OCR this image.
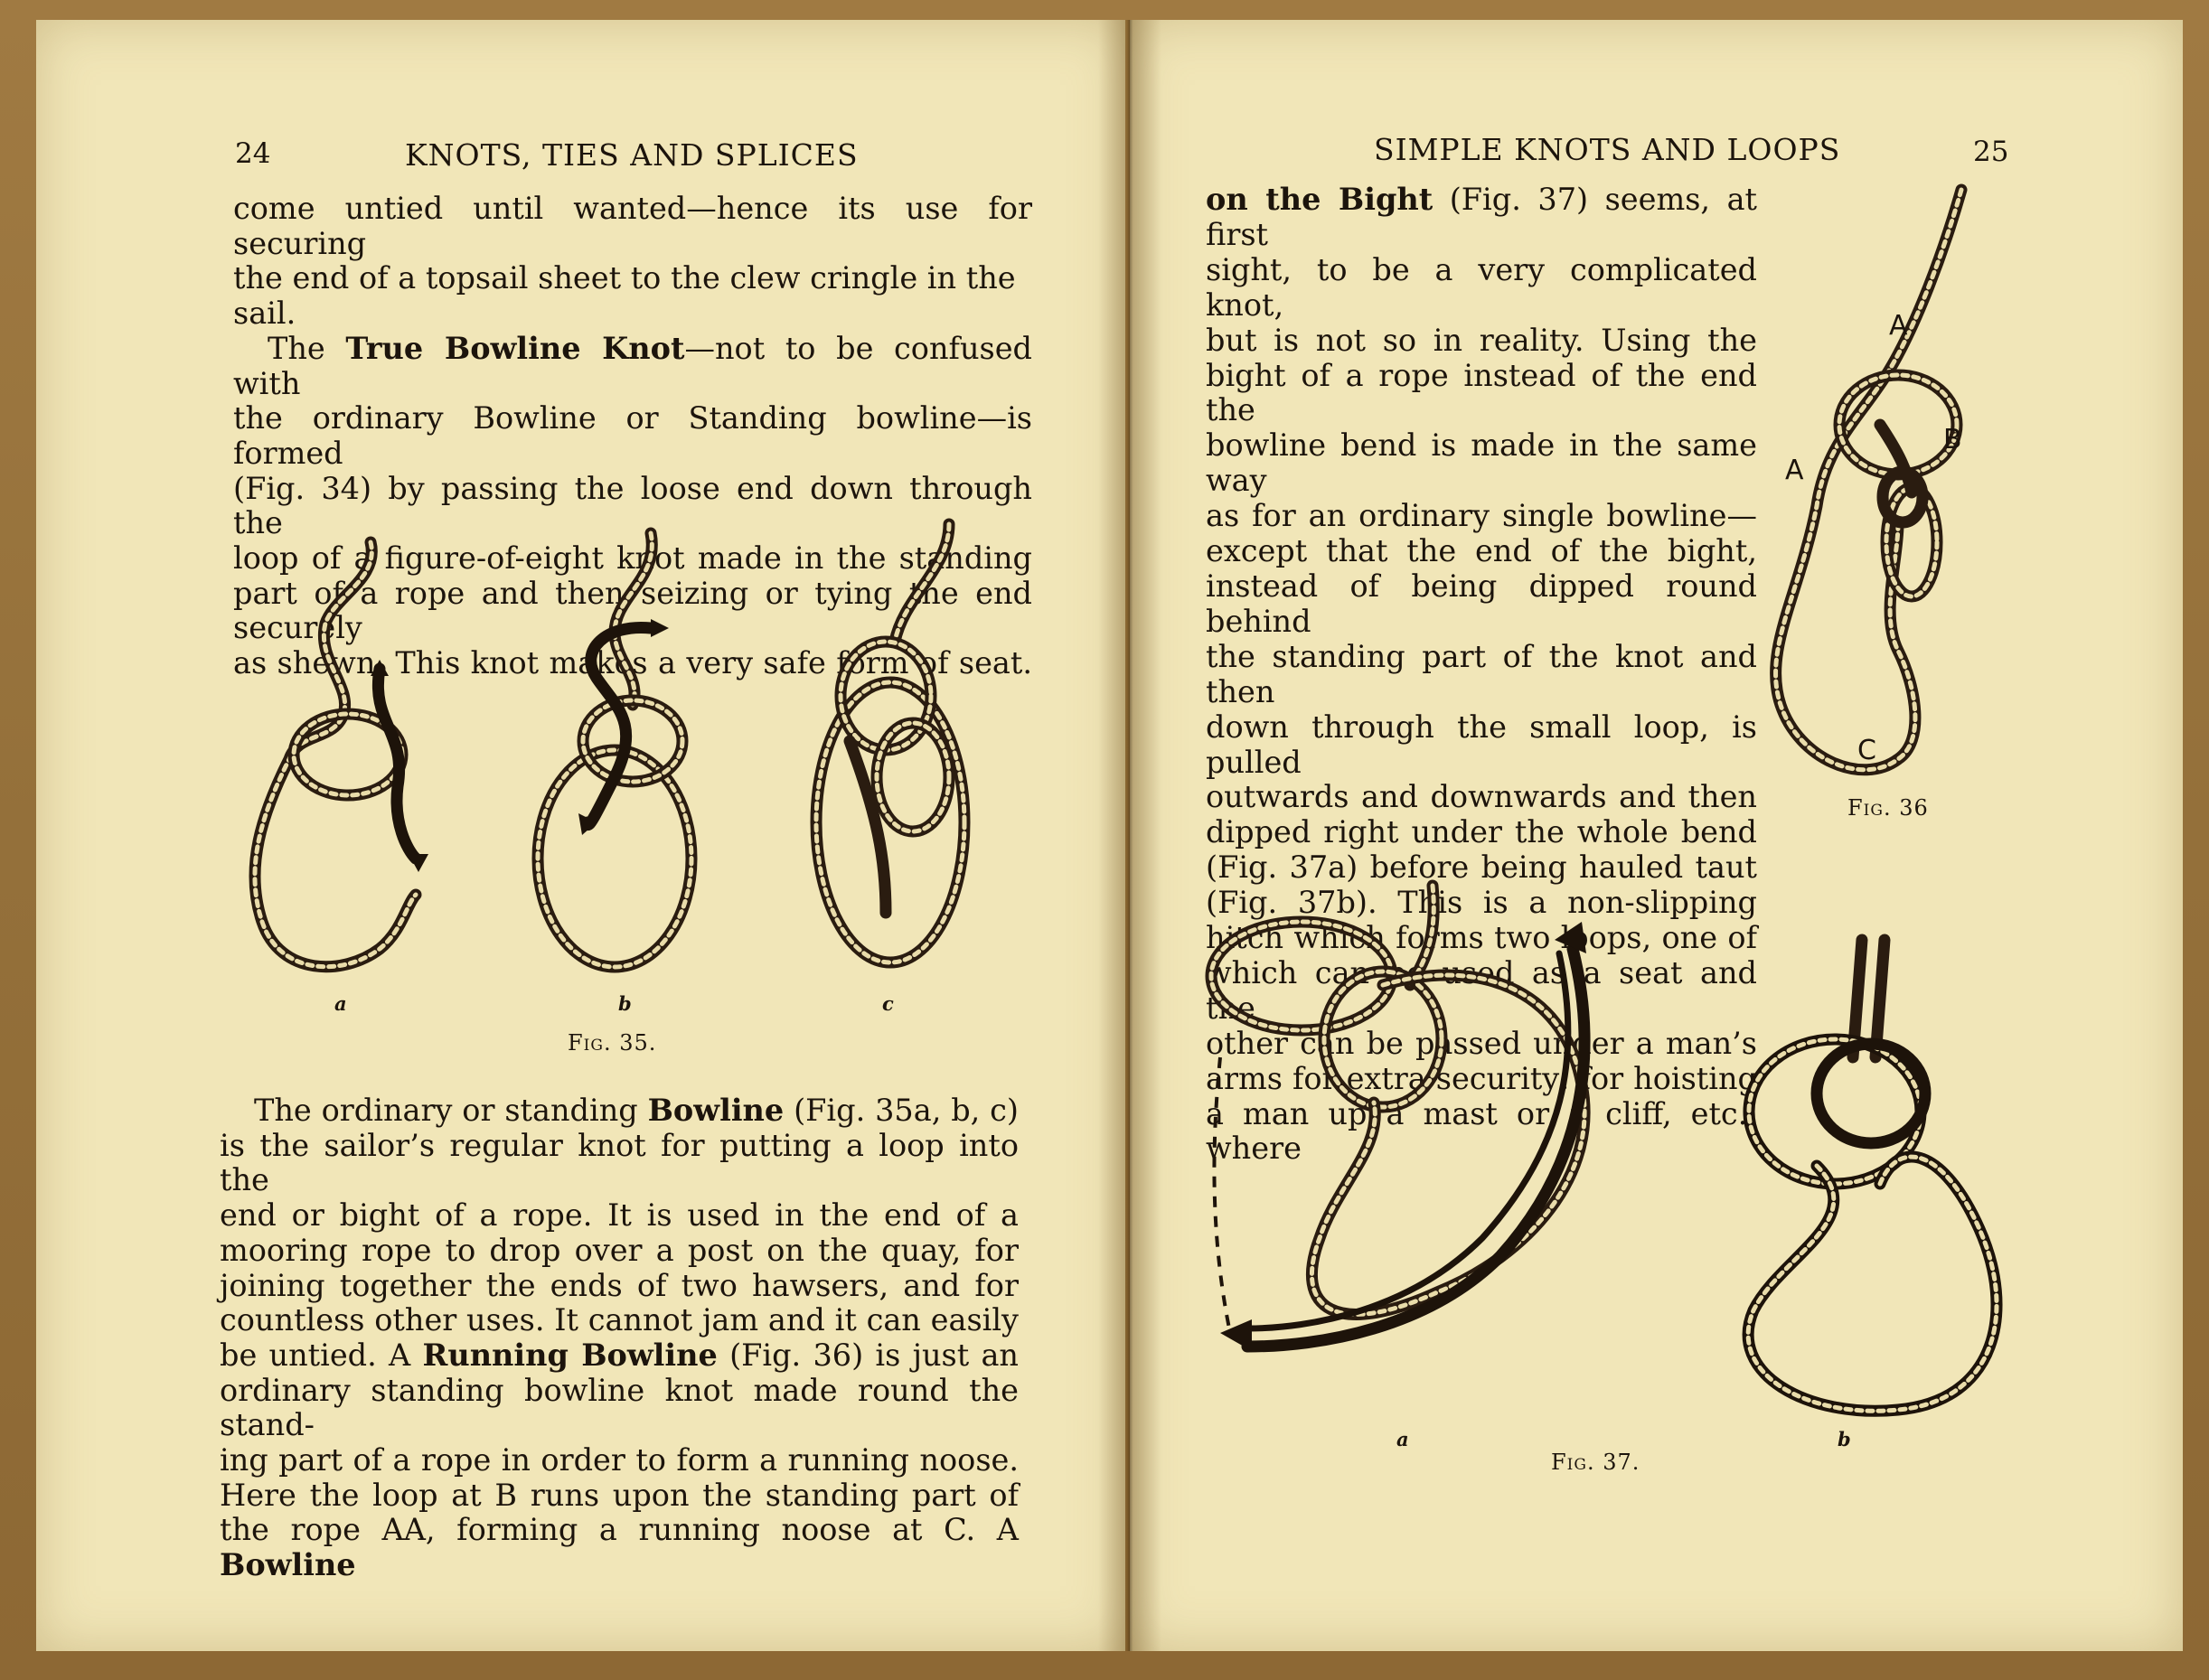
24	KNOTS, TIES AND SPLICES

come untied until wanted—hence its use for securing

the end of a topsail sheet to the clew cringle in the sail.

The True Bowline Knot—not to be confused with

the ordinary Bowline or Standing bowline—is formed

(Fig. 34) by passing the loose end down through the

loop of a figure-of-eight knot made in the standing

part of a rope and then seizing or tying the end securely

as shewn. This knot makes a very safe form of seat.

a	b	c
Fig. 35.

The ordinary or standing Bowline (Fig. 35a, b, c)

is the sailor’s regular knot for putting a loop into the

end or bight of a rope. It is used in the end of a

mooring rope to drop over a post on the quay, for

joining together the ends of two hawsers, and for

countless other uses. It cannot jam and it can easily

be untied. A Running Bowline (Fig. 36) is just an

ordinary standing bowline knot made round the stand-

ing part of a rope in order to form a running noose.

Here the loop at B runs upon the standing part of

the rope AA, forming a running noose at C. A Bowline

SIMPLE KNOTS AND LOOPS	25

on the Bight (Fig. 37) seems, at first

sight, to be a very complicated knot,

but is not so in reality. Using the

bight of a rope instead of the end the

bowline bend is made in the same way

as for an ordinary single bowline—

except that the end of the bight,

instead of being dipped round behind

the standing part of the knot and then

down through the small loop, is pulled

outwards and downwards and then

dipped right under the whole bend

(Fig. 37a) before being hauled taut

(Fig. 37b). This is a non-slipping

hitch which forms two loops, one of

which can be used as a seat and the

other can be passed under a man’s

arms for extra security: for hoisting

a man up a mast or a cliff, etc., where

A
A
B
C
Fig. 36
a	b
Fig. 37.
